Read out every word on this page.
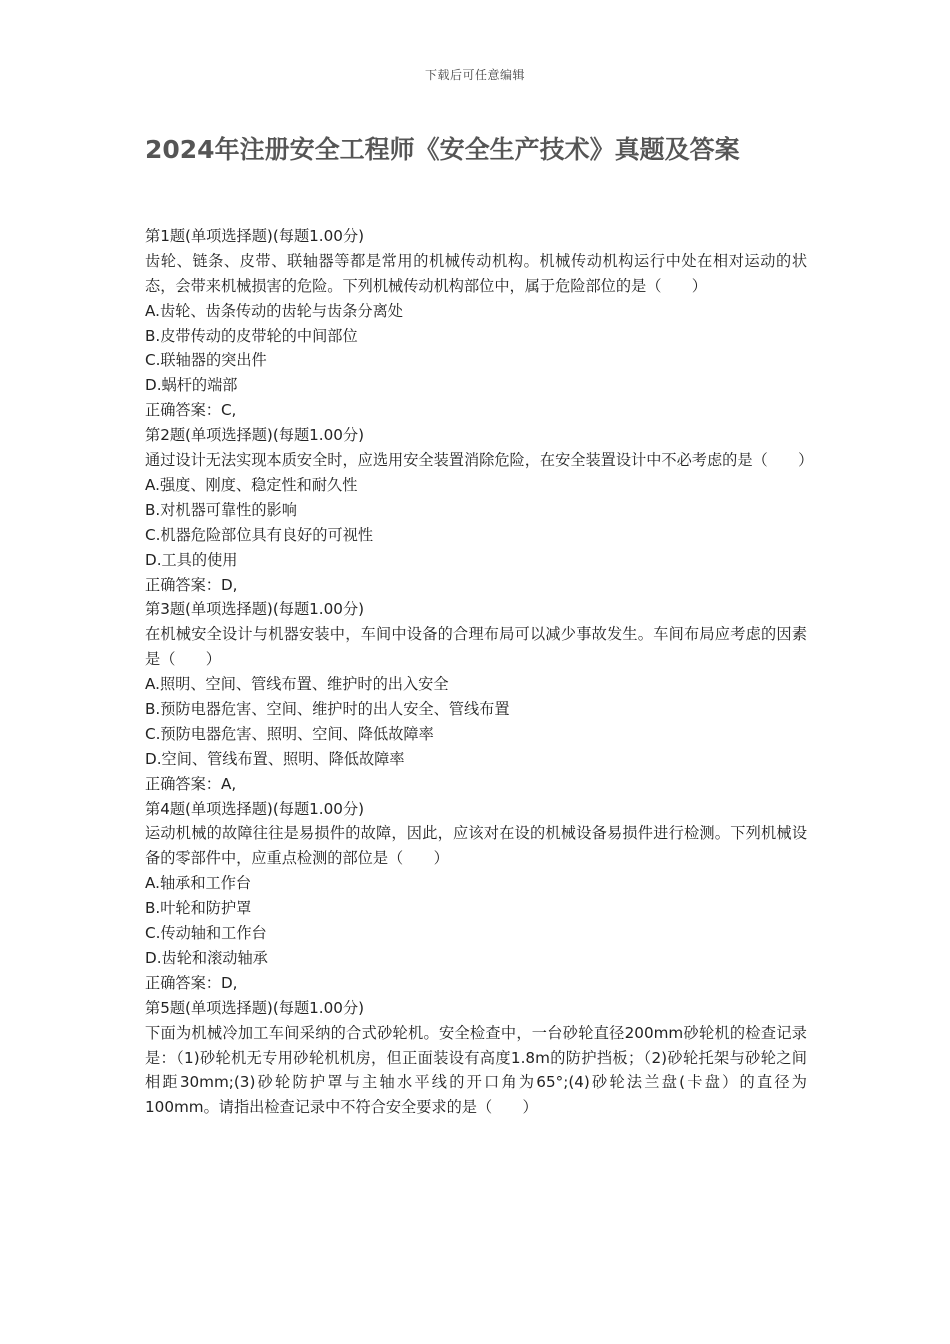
下载后可任意编辑
2024年注册安全工程师《安全生产技术》真题及答案
第1题(单项选择题)(每题1.00分)
齿轮、链条、皮带、联轴器等都是常用的机械传动机构。机械传动机构运行中处在相对运动的状态，会带来机械损害的危险。下列机械传动机构部位中，属于危险部位的是（　　）
A.齿轮、齿条传动的齿轮与齿条分离处
B.皮带传动的皮带轮的中间部位
C.联轴器的突出件
D.蜗杆的端部
正确答案：C,
第2题(单项选择题)(每题1.00分)
通过设计无法实现本质安全时，应选用安全装置消除危险，在安全装置设计中不必考虑的是（　　）
A.强度、刚度、稳定性和耐久性
B.对机器可靠性的影响
C.机器危险部位具有良好的可视性
D.工具的使用
正确答案：D,
第3题(单项选择题)(每题1.00分)
在机械安全设计与机器安装中，车间中设备的合理布局可以减少事故发生。车间布局应考虑的因素是（　　）
A.照明、空间、管线布置、维护时的出入安全
B.预防电器危害、空间、维护时的出人安全、管线布置
C.预防电器危害、照明、空间、降低故障率
D.空间、管线布置、照明、降低故障率
正确答案：A,
第4题(单项选择题)(每题1.00分)
运动机械的故障往往是易损件的故障，因此，应该对在设的机械设备易损件进行检测。下列机械设备的零部件中，应重点检测的部位是（　　）
A.轴承和工作台
B.叶轮和防护罩
C.传动轴和工作台
D.齿轮和滚动轴承
正确答案：D,
第5题(单项选择题)(每题1.00分)
下面为机械冷加工车间采纳的合式砂轮机。安全检查中，一台砂轮直径200mm砂轮机的检查记录是：（1)砂轮机无专用砂轮机机房，但正面装设有高度1.8m的防护挡板；（2)砂轮托架与砂轮之间相距30mm;(3)砂轮防护罩与主轴水平线的开口角为65°;(4)砂轮法兰盘(卡盘）的直径为100mm。请指出检查记录中不符合安全要求的是（　　）
